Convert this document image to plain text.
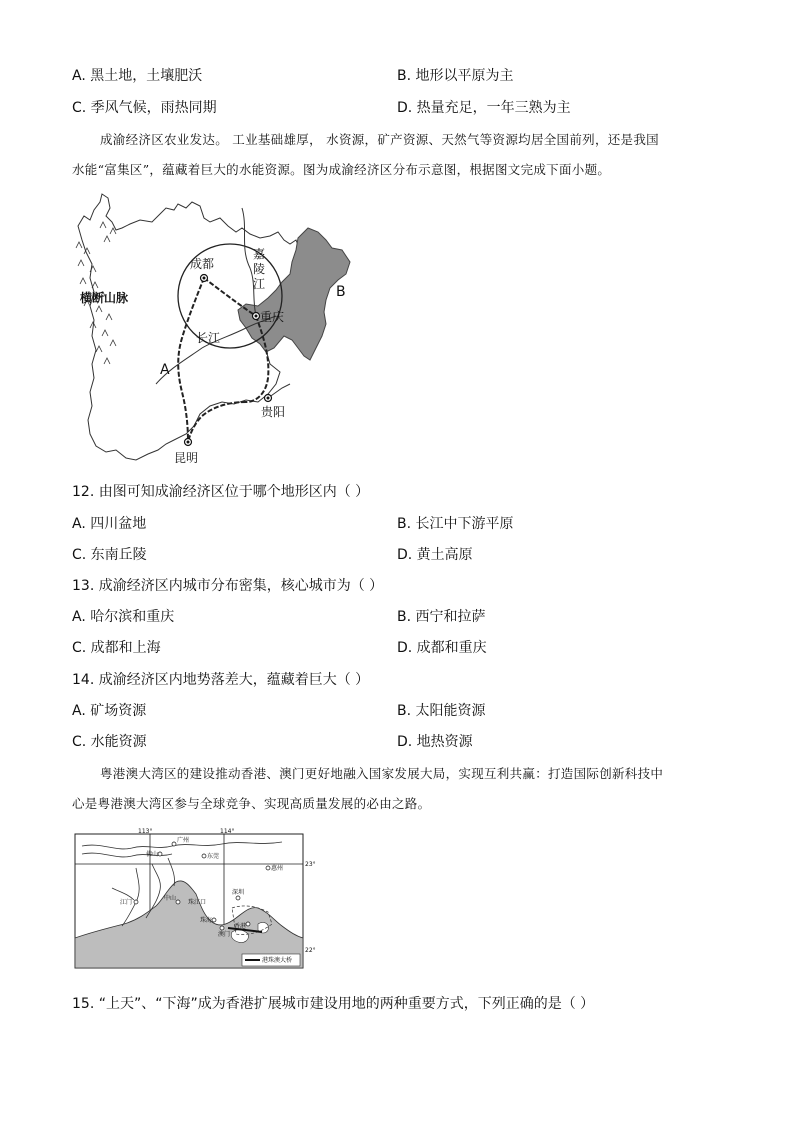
A. 黑土地，土壤肥沃	B. 地形以平原为主
C. 季风气候，雨热同期	D. 热量充足，一年三熟为主
成渝经济区农业发达。 工业基础雄厚， 水资源，矿产资源、天然气等资源均居全国前列，还是我国
水能“富集区”，蕴藏着巨大的水能资源。图为成渝经济区分布示意图，根据图文完成下面小题。
横断山脉
嘉
陵
江
成都
重庆
长江
贵阳
昆明
A
B
12. 由图可知成渝经济区位于哪个地形区内（ ）
A. 四川盆地	B. 长江中下游平原
C. 东南丘陵	D. 黄土高原
13. 成渝经济区内城市分布密集，核心城市为（ ）
A. 哈尔滨和重庆	B. 西宁和拉萨
C. 成都和上海	D. 成都和重庆
14. 成渝经济区内地势落差大，蕴藏着巨大（ ）
A. 矿场资源	B. 太阳能资源
C. 水能资源	D. 地热资源
粤港澳大湾区的建设推动香港、澳门更好地融入国家发展大局，实现互利共赢：打造国际创新科技中
心是粤港澳大湾区参与全球竞争、实现高质量发展的必由之路。
113°	114°
23°
22°
广州
佛山	东莞
惠州
江门
中山
珠江口
深圳
珠海
澳门
香港
港珠澳大桥
15. “上天”、“下海”成为香港扩展城市建设用地的两种重要方式，下列正确的是（ ）
